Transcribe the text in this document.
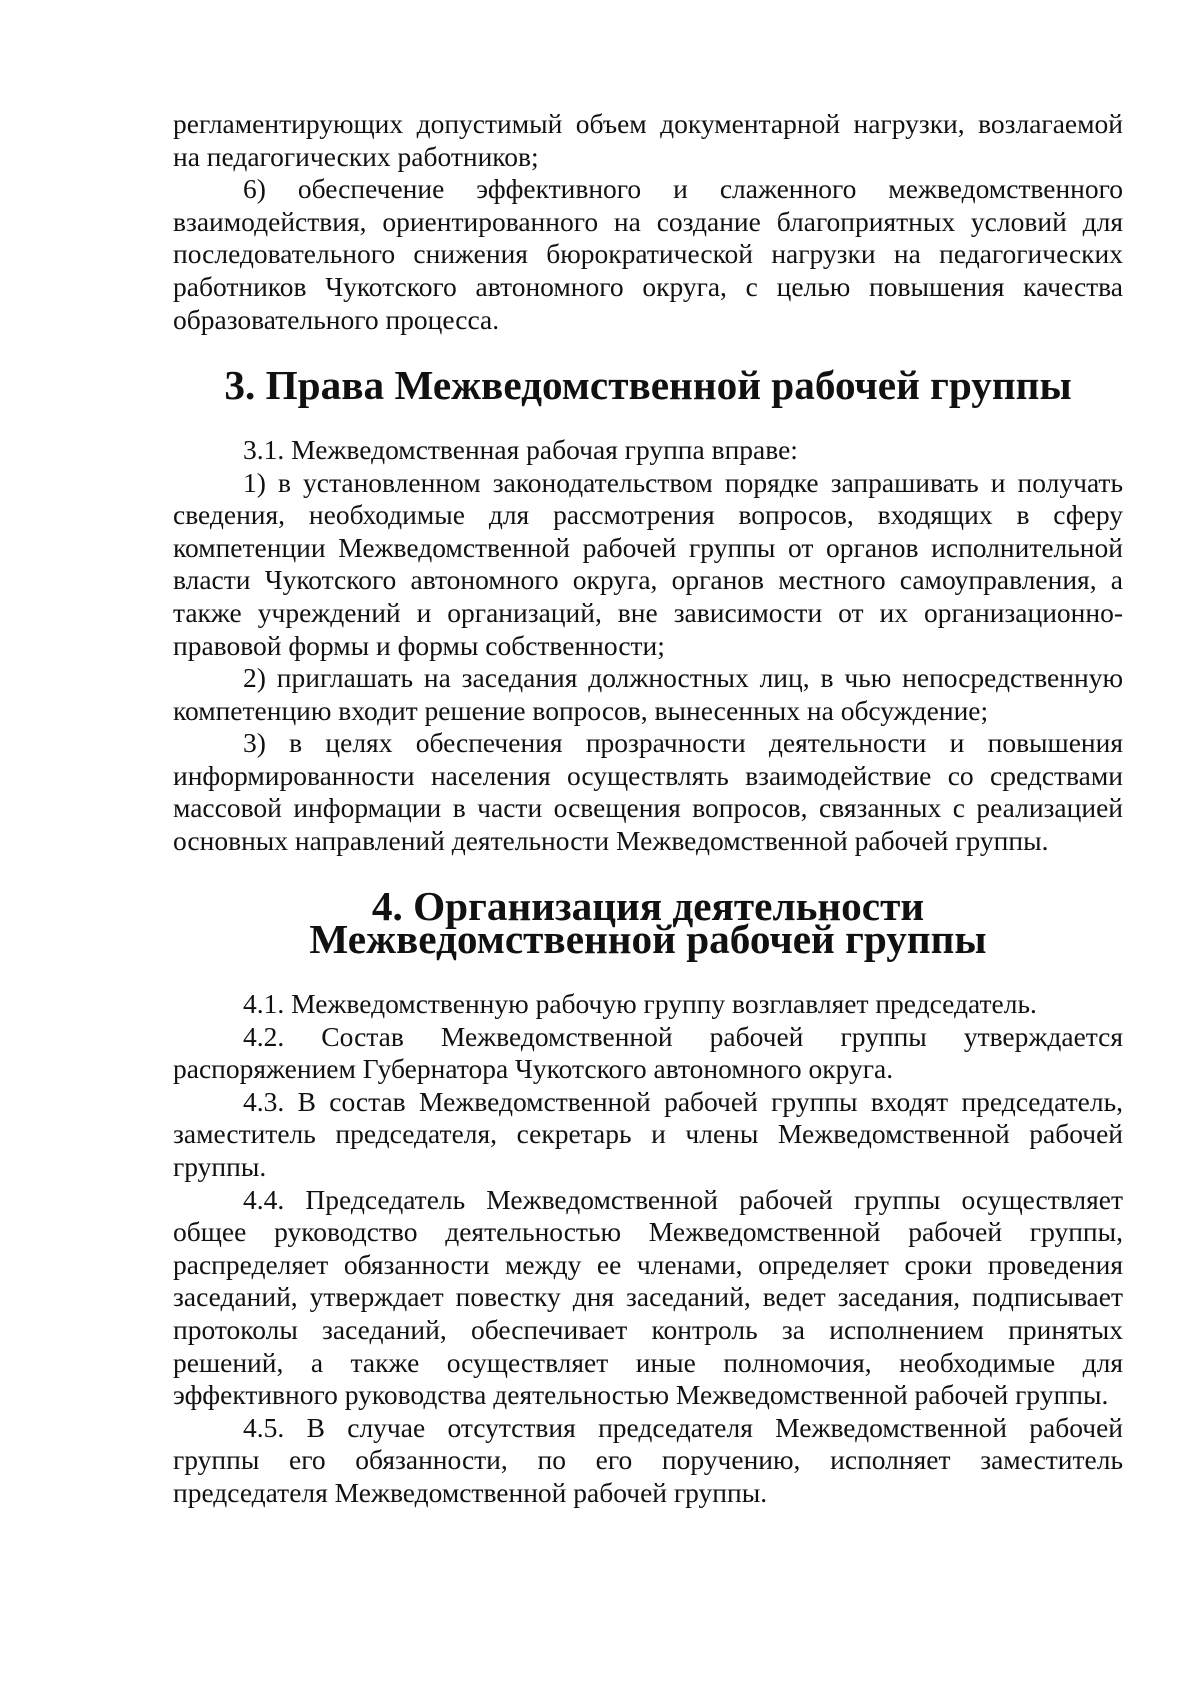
регламентирующих допустимый объем документарной нагрузки, возлагаемой на педагогических работников;

6) обеспечение эффективного и слаженного межведомственного взаимодействия, ориентированного на создание благоприятных условий для последовательного снижения бюрократической нагрузки на педагогических работников Чукотского автономного округа, с целью повышения качества образовательного процесса.

3. Права Межведомственной рабочей группы

3.1. Межведомственная рабочая группа вправе:

1) в установленном законодательством порядке запрашивать и получать сведения, необходимые для рассмотрения вопросов, входящих в сферу компетенции Межведомственной рабочей группы от органов исполнительной власти Чукотского автономного округа, органов местного самоуправления, а также учреждений и организаций, вне зависимости от их организационно-правовой формы и формы собственности;

2) приглашать на заседания должностных лиц, в чью непосредственную компетенцию входит решение вопросов, вынесенных на обсуждение;

3) в целях обеспечения прозрачности деятельности и повышения информированности населения осуществлять взаимодействие со средствами массовой информации в части освещения вопросов, связанных с реализацией основных направлений деятельности Межведомственной рабочей группы.

4. Организация деятельности
Межведомственной рабочей группы

4.1. Межведомственную рабочую группу возглавляет председатель.

4.2. Состав Межведомственной рабочей группы утверждается распоряжением Губернатора Чукотского автономного округа.

4.3. В состав Межведомственной рабочей группы входят председатель, заместитель председателя, секретарь и члены Межведомственной рабочей группы.

4.4. Председатель Межведомственной рабочей группы осуществляет общее руководство деятельностью Межведомственной рабочей группы, распределяет обязанности между ее членами, определяет сроки проведения заседаний, утверждает повестку дня заседаний, ведет заседания, подписывает протоколы заседаний, обеспечивает контроль за исполнением принятых решений, а также осуществляет иные полномочия, необходимые для эффективного руководства деятельностью Межведомственной рабочей группы.

4.5. В случае отсутствия председателя Межведомственной рабочей группы его обязанности, по его поручению, исполняет заместитель председателя Межведомственной рабочей группы.
